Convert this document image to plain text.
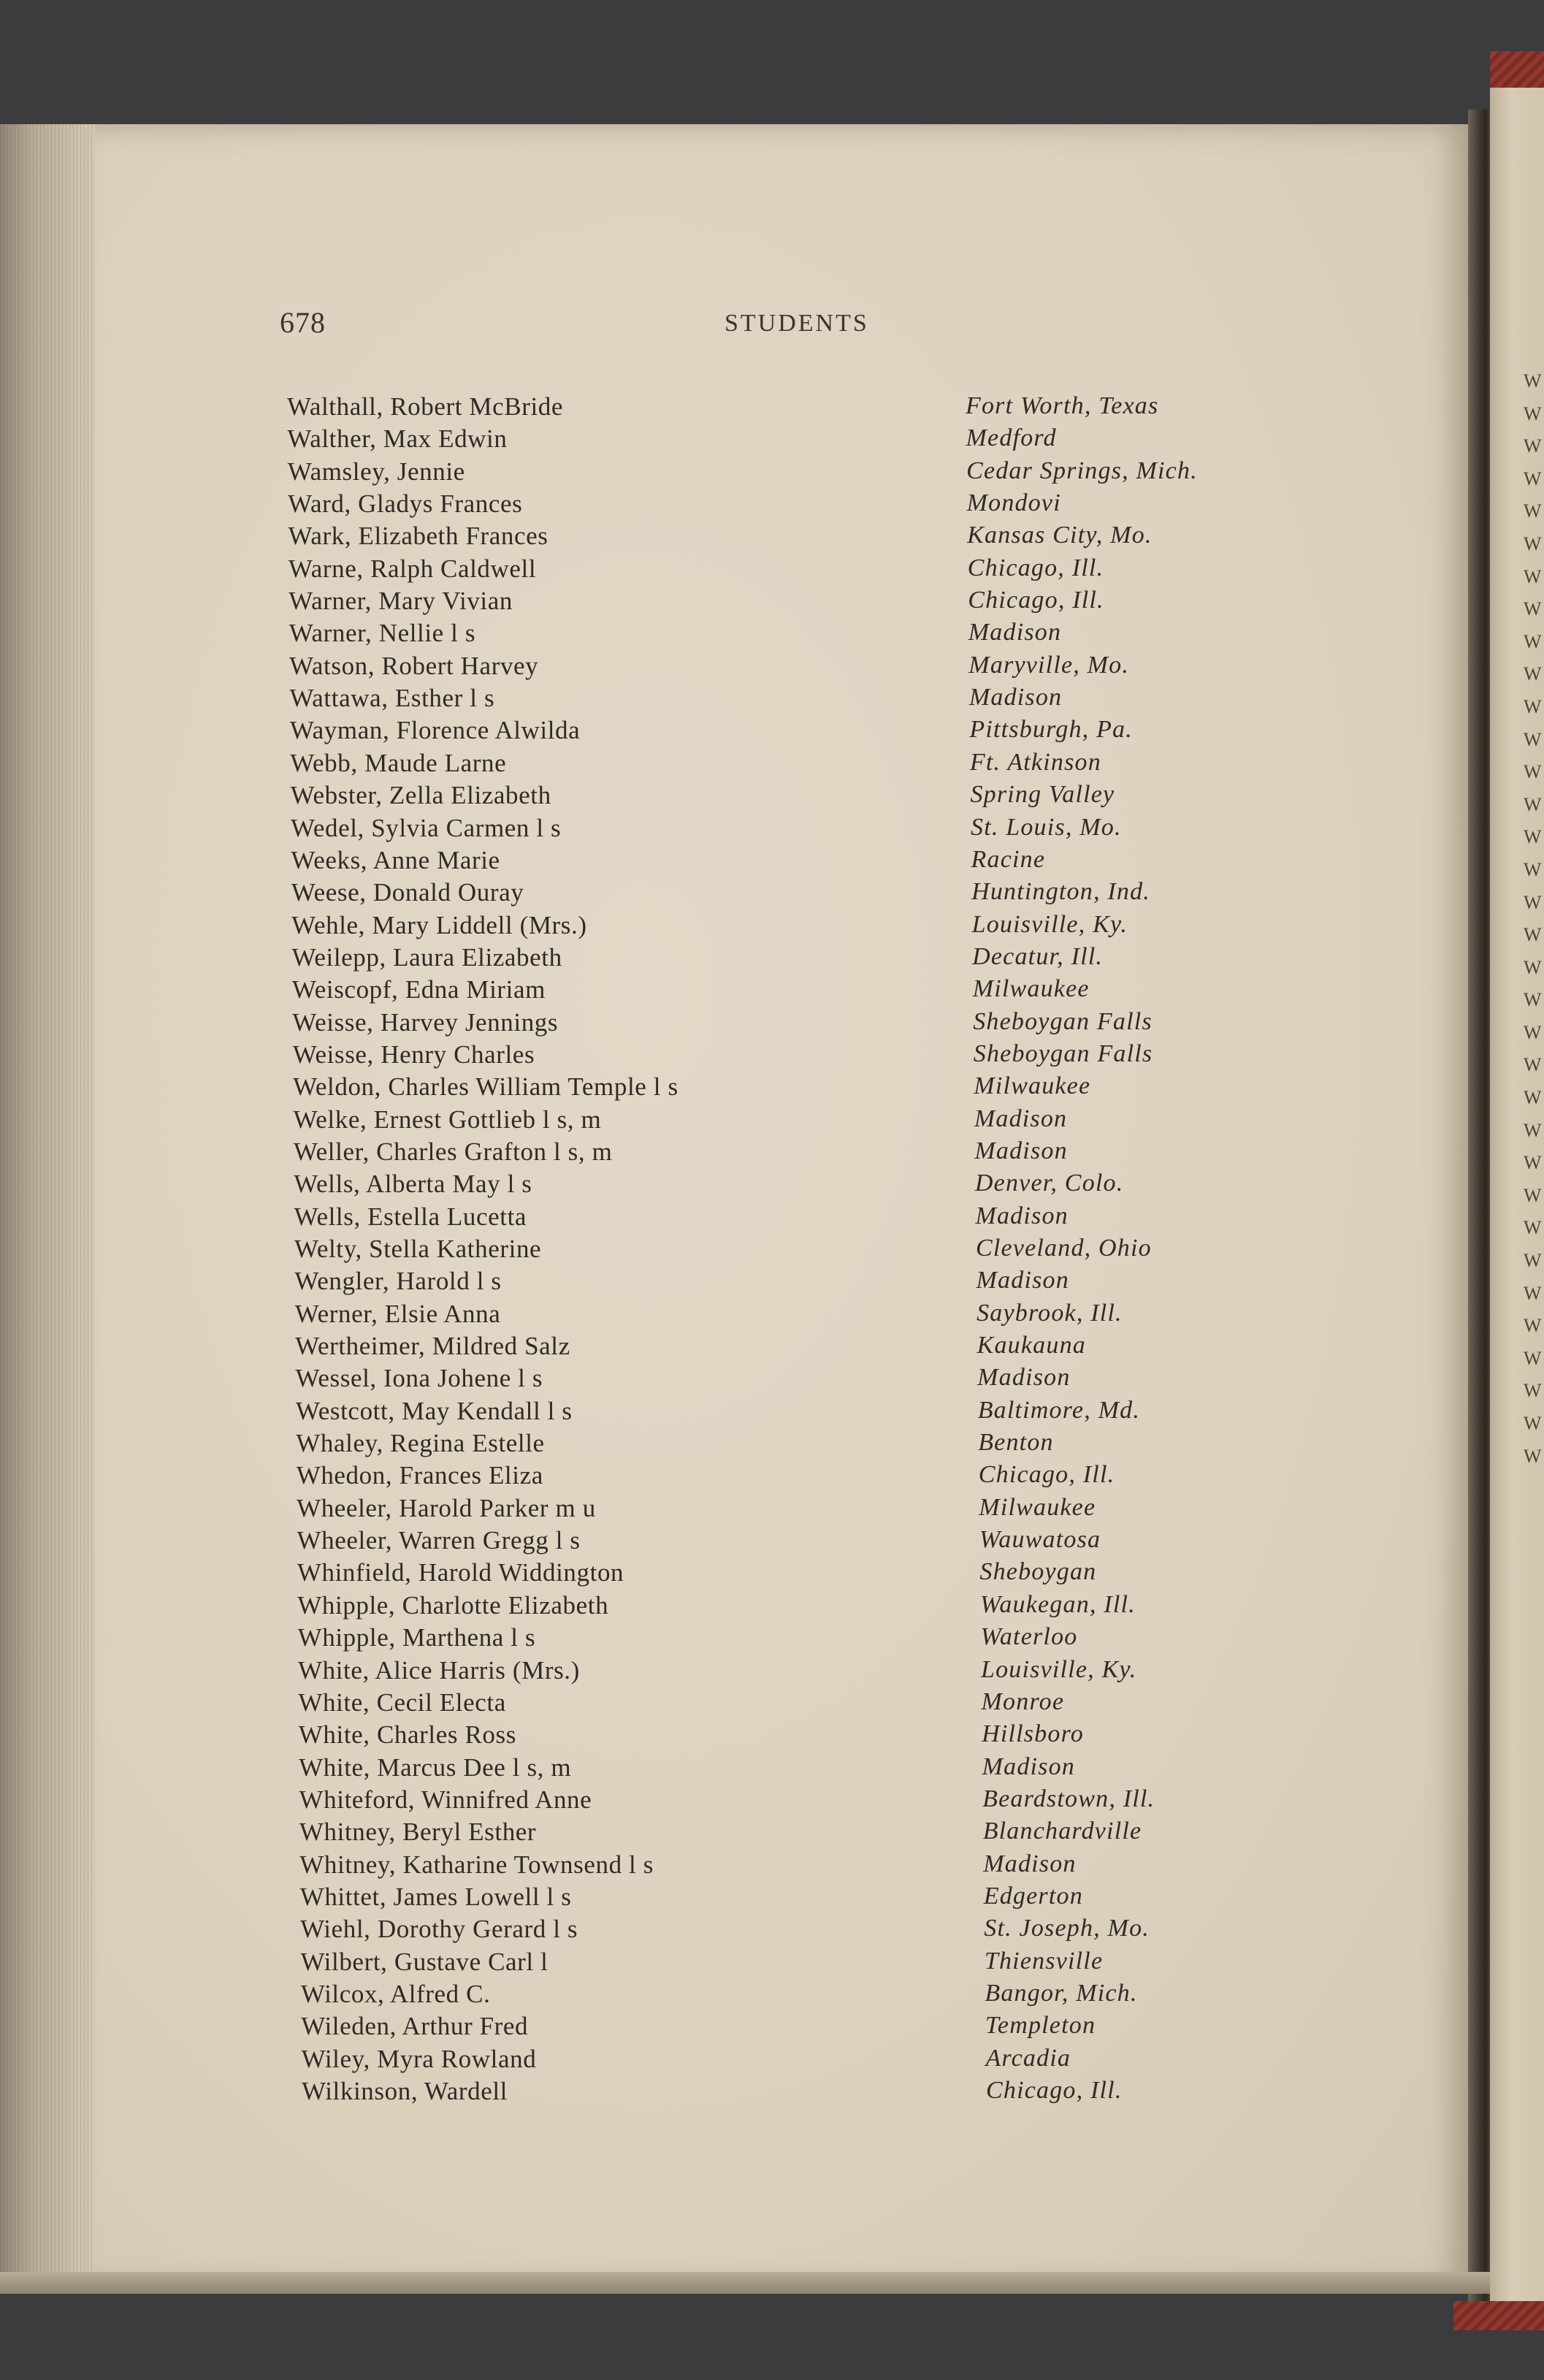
W W W W W W W W W W W W W W W W W W W W W W W W W W W W W W W W W W
678	STUDENTS
Walthall, Robert McBride	Fort Worth, Texas
Walther, Max Edwin	Medford
Wamsley, Jennie	Cedar Springs, Mich.
Ward, Gladys Frances	Mondovi
Wark, Elizabeth Frances	Kansas City, Mo.
Warne, Ralph Caldwell	Chicago, Ill.
Warner, Mary Vivian	Chicago, Ill.
Warner, Nellie l s	Madison
Watson, Robert Harvey	Maryville, Mo.
Wattawa, Esther l s	Madison
Wayman, Florence Alwilda	Pittsburgh, Pa.
Webb, Maude Larne	Ft. Atkinson
Webster, Zella Elizabeth	Spring Valley
Wedel, Sylvia Carmen l s	St. Louis, Mo.
Weeks, Anne Marie	Racine
Weese, Donald Ouray	Huntington, Ind.
Wehle, Mary Liddell (Mrs.)	Louisville, Ky.
Weilepp, Laura Elizabeth	Decatur, Ill.
Weiscopf, Edna Miriam	Milwaukee
Weisse, Harvey Jennings	Sheboygan Falls
Weisse, Henry Charles	Sheboygan Falls
Weldon, Charles William Temple l s	Milwaukee
Welke, Ernest Gottlieb l s, m	Madison
Weller, Charles Grafton l s, m	Madison
Wells, Alberta May l s	Denver, Colo.
Wells, Estella Lucetta	Madison
Welty, Stella Katherine	Cleveland, Ohio
Wengler, Harold l s	Madison
Werner, Elsie Anna	Saybrook, Ill.
Wertheimer, Mildred Salz	Kaukauna
Wessel, Iona Johene l s	Madison
Westcott, May Kendall l s	Baltimore, Md.
Whaley, Regina Estelle	Benton
Whedon, Frances Eliza	Chicago, Ill.
Wheeler, Harold Parker m u	Milwaukee
Wheeler, Warren Gregg l s	Wauwatosa
Whinfield, Harold Widdington	Sheboygan
Whipple, Charlotte Elizabeth	Waukegan, Ill.
Whipple, Marthena l s	Waterloo
White, Alice Harris (Mrs.)	Louisville, Ky.
White, Cecil Electa	Monroe
White, Charles Ross	Hillsboro
White, Marcus Dee l s, m	Madison
Whiteford, Winnifred Anne	Beardstown, Ill.
Whitney, Beryl Esther	Blanchardville
Whitney, Katharine Townsend l s	Madison
Whittet, James Lowell l s	Edgerton
Wiehl, Dorothy Gerard l s	St. Joseph, Mo.
Wilbert, Gustave Carl l	Thiensville
Wilcox, Alfred C.	Bangor, Mich.
Wileden, Arthur Fred	Templeton
Wiley, Myra Rowland	Arcadia
Wilkinson, Wardell	Chicago, Ill.
